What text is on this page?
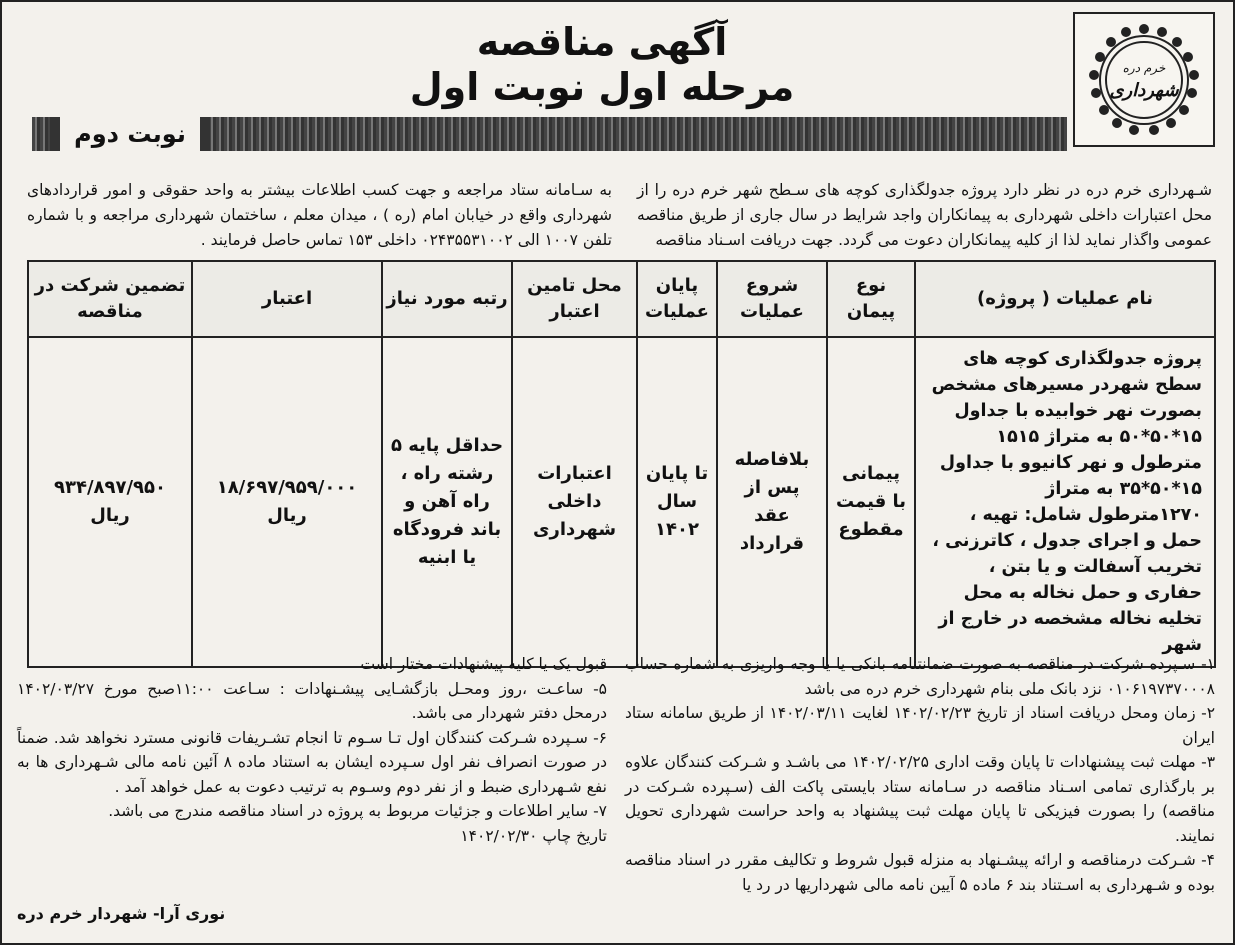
خرم دره
شهرداری
آگهی مناقصه
مرحله اول نوبت اول
نوبت دوم
شـهرداری خرم دره در نظر دارد پروژه جدولگذاری کوچه های سـطح شهر خرم دره را از محل اعتبارات داخلی شهرداری به پیمانکاران واجد شرایط در سال جاری از طریق مناقصه عمومی واگذار نماید لذا از کلیه پیمانکاران دعوت می گردد. جهت دریافت اسـناد مناقصه
به سـامانه ستاد مراجعه و جهت کسب اطلاعات بیشتر به واحد حقوقی و امور قراردادهای شهرداری واقع در خیابان امام (ره ) ، میدان معلم ، ساختمان شهرداری مراجعه و با شماره تلفن ۱۰۰۷ الی ۰۲۴۳۵۵۳۱۰۰۲ داخلی ۱۵۳ تماس حاصل فرمایند .
نام عملیات ( پروژه)	نوع پیمان	شروع عملیات	پایان عملیات	محل تامین اعتبار	رتبه مورد نیاز	اعتبار	تضمین شرکت در مناقصه
پروژه جدولگذاری کوچه های سطح شهردر مسیرهای مشخص بصورت نهر خوابیده با جداول ۱۵*۵۰*۵۰ به متراژ ۱۵۱۵ مترطول و نهر کانیوو با جداول ۱۵*۵۰*۳۵ به متراژ ۱۲۷۰مترطول شامل: تهیه ، حمل و اجرای جدول ، کاترزنی ، تخریب آسفالت و یا بتن ، حفاری و حمل نخاله به محل تخلیه نخاله مشخصه در خارج از شهر	پیمانی با قیمت مقطوع	بلافاصله پس از عقد قرارداد	تا پایان سال ۱۴۰۲	اعتبارات داخلی شهرداری	حداقل پایه ۵ رشته راه ، راه آهن و باند فرودگاه یا ابنیه	۱۸/۶۹۷/۹۵۹/۰۰۰ ریال	۹۳۴/۸۹۷/۹۵۰ ریال

۱- سـپرده شرکت در مناقصه به صورت ضمانتنامه بانکی یا یا وجه واریزی به شماره حساب ۰۱۰۶۱۹۷۳۷۰۰۰۸ نزد بانک ملی بنام شهرداری خرم دره می باشد

۲- زمان ومحل دریافت اسناد از تاریخ ۱۴۰۲/۰۲/۲۳ لغایت ۱۴۰۲/۰۳/۱۱ از طریق سامانه ستاد ایران

۳- مهلت ثبت پیشنهادات تا پایان وقت اداری ۱۴۰۲/۰۲/۲۵ می باشـد و شـرکت کنندگان علاوه بر بارگذاری تمامی اسـناد مناقصه در سـامانه ستاد بایستی پاکت الف (سـپرده شـرکت در مناقصه) را بصورت فیزیکی تا پایان مهلت ثبت پیشنهاد به واحد حراست شهرداری تحویل نمایند.

۴- شـرکت درمناقصه و ارائه پیشـنهاد به منزله قبول شروط و تکالیف مقرر در اسناد مناقصه بوده و شـهرداری به اسـتناد بند ۶ ماده ۵ آیین نامه مالی شهرداریها در رد یا

قبول یک یا کلیه پیشنهادات مختار است

۵- ساعـت ،روز ومحـل بازگشـایی پیشـنهادات : سـاعت ۱۱:۰۰صبح مورخ ۱۴۰۲/۰۳/۲۷ درمحل دفتر شهردار می باشد.

۶- سـپرده شـرکت کنندگان اول تـا سـوم تا انجام تشـریفات قانونی مسترد نخواهد شد. ضمناً در صورت انصراف نفر اول سـپرده ایشان به استناد ماده ۸ آئین نامه مالی شـهرداری ها به نفع شـهرداری ضبط و از نفر دوم وسـوم به ترتیب دعوت به عمل خواهد آمد .

۷- سایر اطلاعات و جزئیات مربوط به پروژه در اسناد مناقصه مندرج می باشد.

تاریخ چاپ ۱۴۰۲/۰۲/۳۰

نوری آرا- شهردار خرم دره
